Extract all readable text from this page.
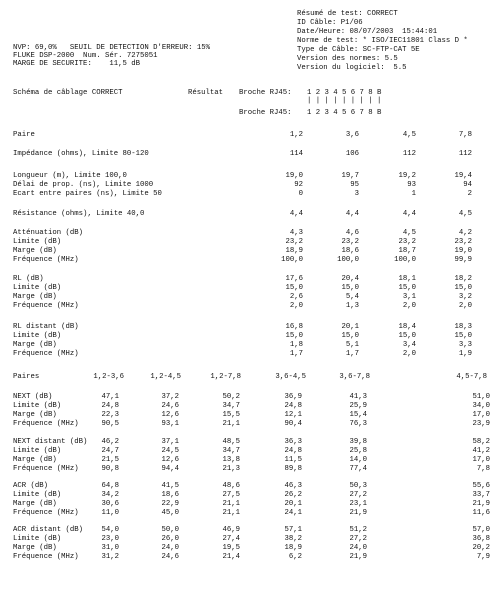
NVP: 69,0%   SEUIL DE DETECTION D'ERREUR: 15%
FLUKE DSP-2000  Num. Sér. 7275051
MARGE DE SECURITE:    11,5 dB
Résumé de test: CORRECT
ID Câble: P1/06
Date/Heure: 08/07/2003  15:44:01
Norme de test: * ISO/IEC11801 Class D *
Type de Câble: SC-FTP-CAT 5E
Version des normes: 5.5
Version du logiciel:  5.5
Schéma de câblage CORRECT	Résultat Broche RJ45: 1 2 3 4 5 6 7 8 B
| | | | | | | | |
Broche RJ45: 1 2 3 4 5 6 7 8 B
Paire	1,2	3,6	4,5	7,8
Impédance (ohms), Limite 80-120	114	106	112	112
Longueur (m), Limite 100,0	19,0	19,7	19,2	19,4
Délai de prop. (ns), Limite 1000	92	95	93	94
Ecart entre paires (ns), Limite 50	0	3	1	2
Résistance (ohms), Limite 40,0	4,4	4,4	4,4	4,5
Atténuation (dB)	4,3	4,6	4,5	4,2
Limite (dB)	23,2	23,2	23,2	23,2
Marge (dB)	18,9	18,6	18,7	19,0
Fréquence (MHz)	100,0	100,0	100,0	99,9
RL (dB)	17,6	20,4	18,1	18,2
Limite (dB)	15,0	15,0	15,0	15,0
Marge (dB)	2,6	5,4	3,1	3,2
Fréquence (MHz)	2,0	1,3	2,0	2,0
RL distant (dB)	16,8	20,1	18,4	18,3
Limite (dB)	15,0	15,0	15,0	15,0
Marge (dB)	1,8	5,1	3,4	3,3
Fréquence (MHz)	1,7	1,7	2,0	1,9
Paires	1,2-3,6	1,2-4,5	1,2-7,8	3,6-4,5	3,6-7,8	4,5-7,8
NEXT (dB)	47,1	37,2	50,2	36,9	41,3	51,0
Limite (dB)	24,8	24,6	34,7	24,8	25,9	34,0
Marge (dB)	22,3	12,6	15,5	12,1	15,4	17,0
Fréquence (MHz)	90,5	93,1	21,1	90,4	76,3	23,9
NEXT distant (dB)	46,2	37,1	48,5	36,3	39,8	58,2
Limite (dB)	24,7	24,5	34,7	24,8	25,8	41,2
Marge (dB)	21,5	12,6	13,8	11,5	14,0	17,0
Fréquence (MHz)	90,8	94,4	21,3	89,8	77,4	7,8
ACR (dB)	64,8	41,5	48,6	46,3	50,3	55,6
Limite (dB)	34,2	18,6	27,5	26,2	27,2	33,7
Marge (dB)	30,6	22,9	21,1	20,1	23,1	21,9
Fréquence (MHz)	11,0	45,0	21,1	24,1	21,9	11,6
ACR distant (dB)	54,0	50,0	46,9	57,1	51,2	57,0
Limite (dB)	23,0	26,0	27,4	38,2	27,2	36,8
Marge (dB)	31,0	24,0	19,5	18,9	24,0	20,2
Fréquence (MHz)	31,2	24,6	21,4	6,2	21,9	7,9
